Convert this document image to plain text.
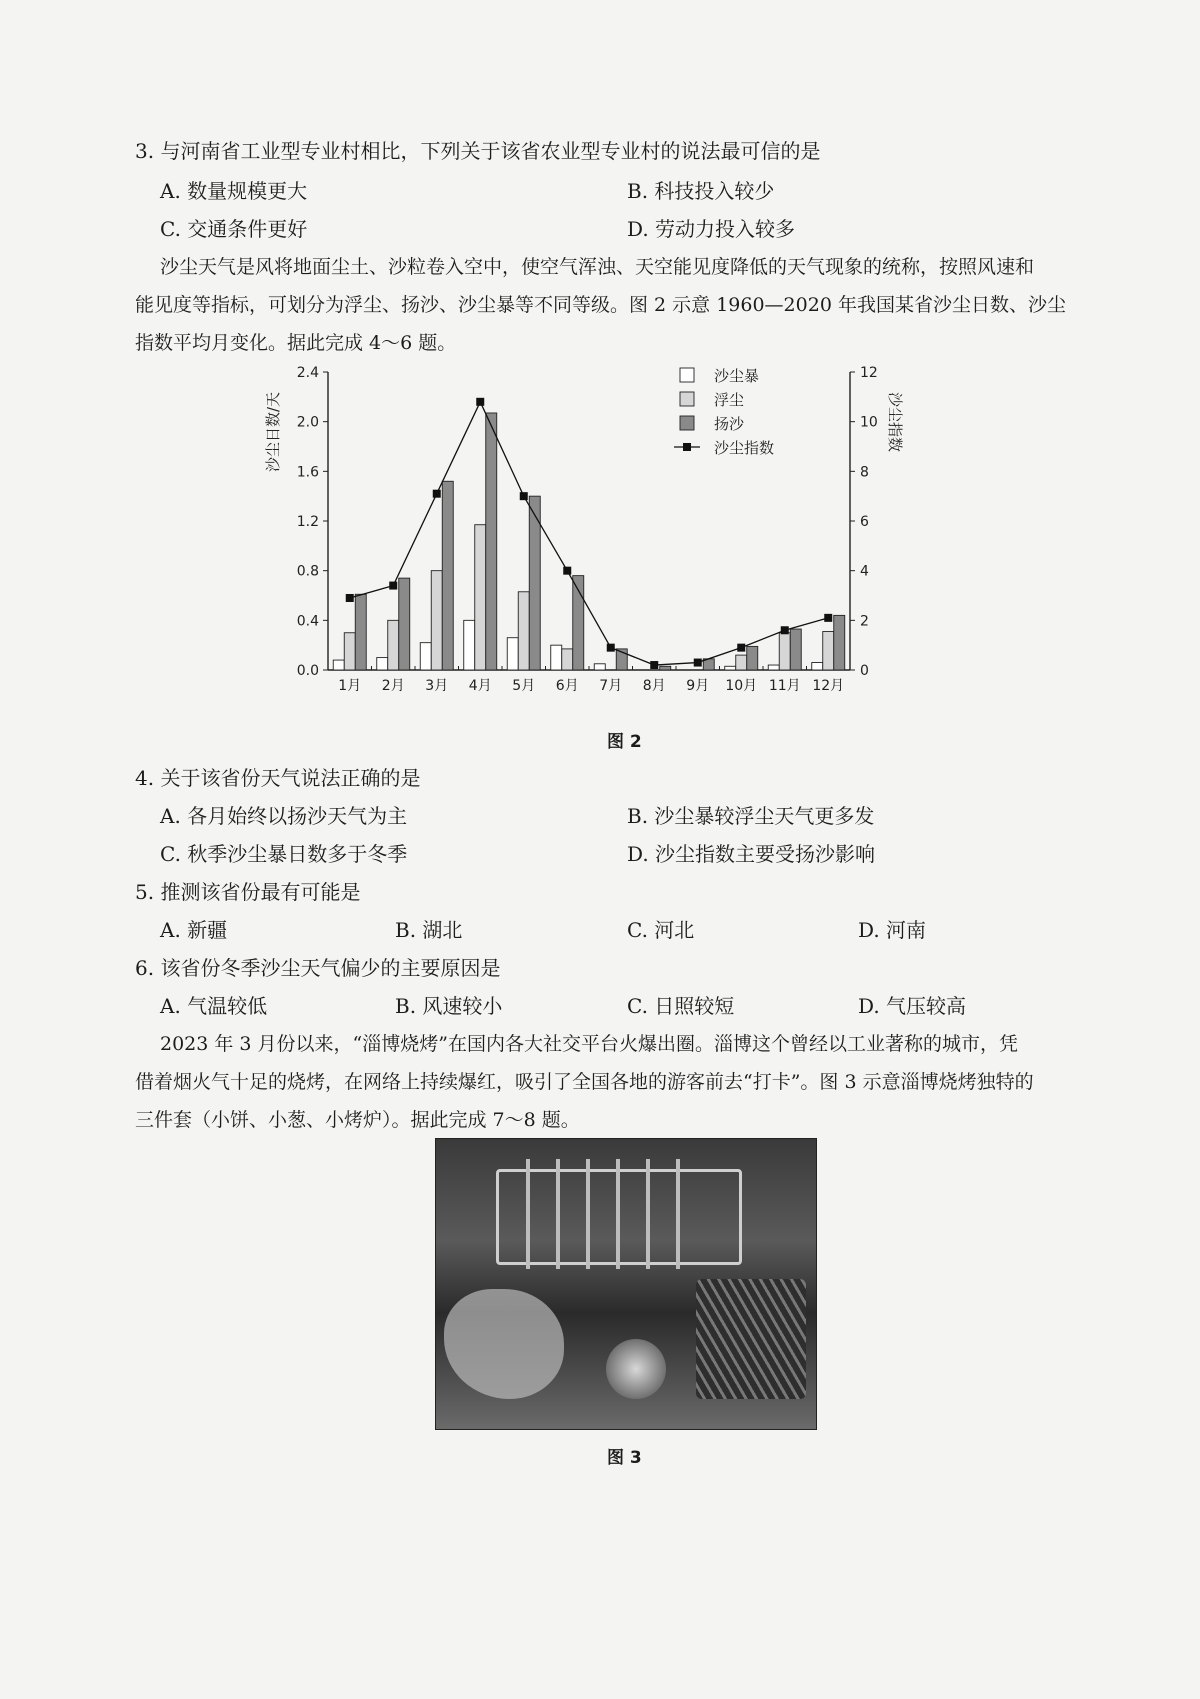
3. 与河南省工业型专业村相比，下列关于该省农业型专业村的说法最可信的是
A. 数量规模更大	B. 科技投入较少
C. 交通条件更好	D. 劳动力投入较多
沙尘天气是风将地面尘土、沙粒卷入空中，使空气浑浊、天空能见度降低的天气现象的统称，按照风速和
能见度等指标，可划分为浮尘、扬沙、沙尘暴等不同等级。图 2 示意 1960—2020 年我国某省沙尘日数、沙尘
指数平均月变化。据此完成 4～6 题。
0.0
0.4
0.8
1.2
1.6
2.0
2.4
0
2
4
6
8
10
12
沙尘日数/天	沙尘指数
1月 2月 3月 4月 5月 6月 7月 8月 9月 10月 11月 12月
沙尘暴
浮尘
扬沙
沙尘指数
图 2
4. 关于该省份天气说法正确的是
A. 各月始终以扬沙天气为主	B. 沙尘暴较浮尘天气更多发
C. 秋季沙尘暴日数多于冬季	D. 沙尘指数主要受扬沙影响
5. 推测该省份最有可能是
A. 新疆	B. 湖北	C. 河北	D. 河南
6. 该省份冬季沙尘天气偏少的主要原因是
A. 气温较低	B. 风速较小	C. 日照较短	D. 气压较高
2023 年 3 月份以来，“淄博烧烤”在国内各大社交平台火爆出圈。淄博这个曾经以工业著称的城市，凭
借着烟火气十足的烧烤，在网络上持续爆红，吸引了全国各地的游客前去“打卡”。图 3 示意淄博烧烤独特的
三件套（小饼、小葱、小烤炉）。据此完成 7～8 题。
图 3
